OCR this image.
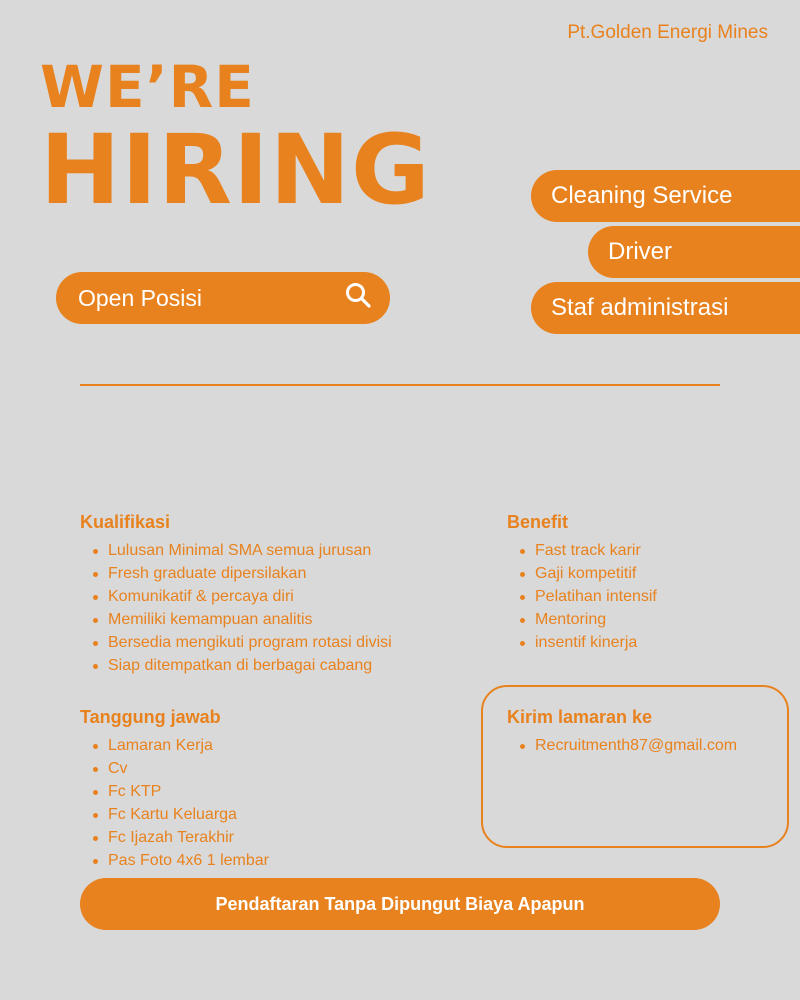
Pt.Golden Energi Mines
WE’RE
HIRING
Open Posisi
Cleaning Service
Driver
Staf administrasi
Kualifikasi
Lulusan Minimal SMA semua jurusan
Fresh graduate dipersilakan
Komunikatif & percaya diri
Memiliki kemampuan analitis
Bersedia mengikuti program rotasi divisi
Siap ditempatkan di berbagai cabang
Benefit
Fast track karir
Gaji kompetitif
Pelatihan intensif
Mentoring
insentif kinerja
Tanggung jawab
Lamaran Kerja
Cv
Fc KTP
Fc Kartu Keluarga
Fc Ijazah Terakhir
Pas Foto 4x6 1 lembar
Kirim lamaran ke
Recruitmenth87@gmail.com
Pendaftaran Tanpa Dipungut Biaya Apapun
